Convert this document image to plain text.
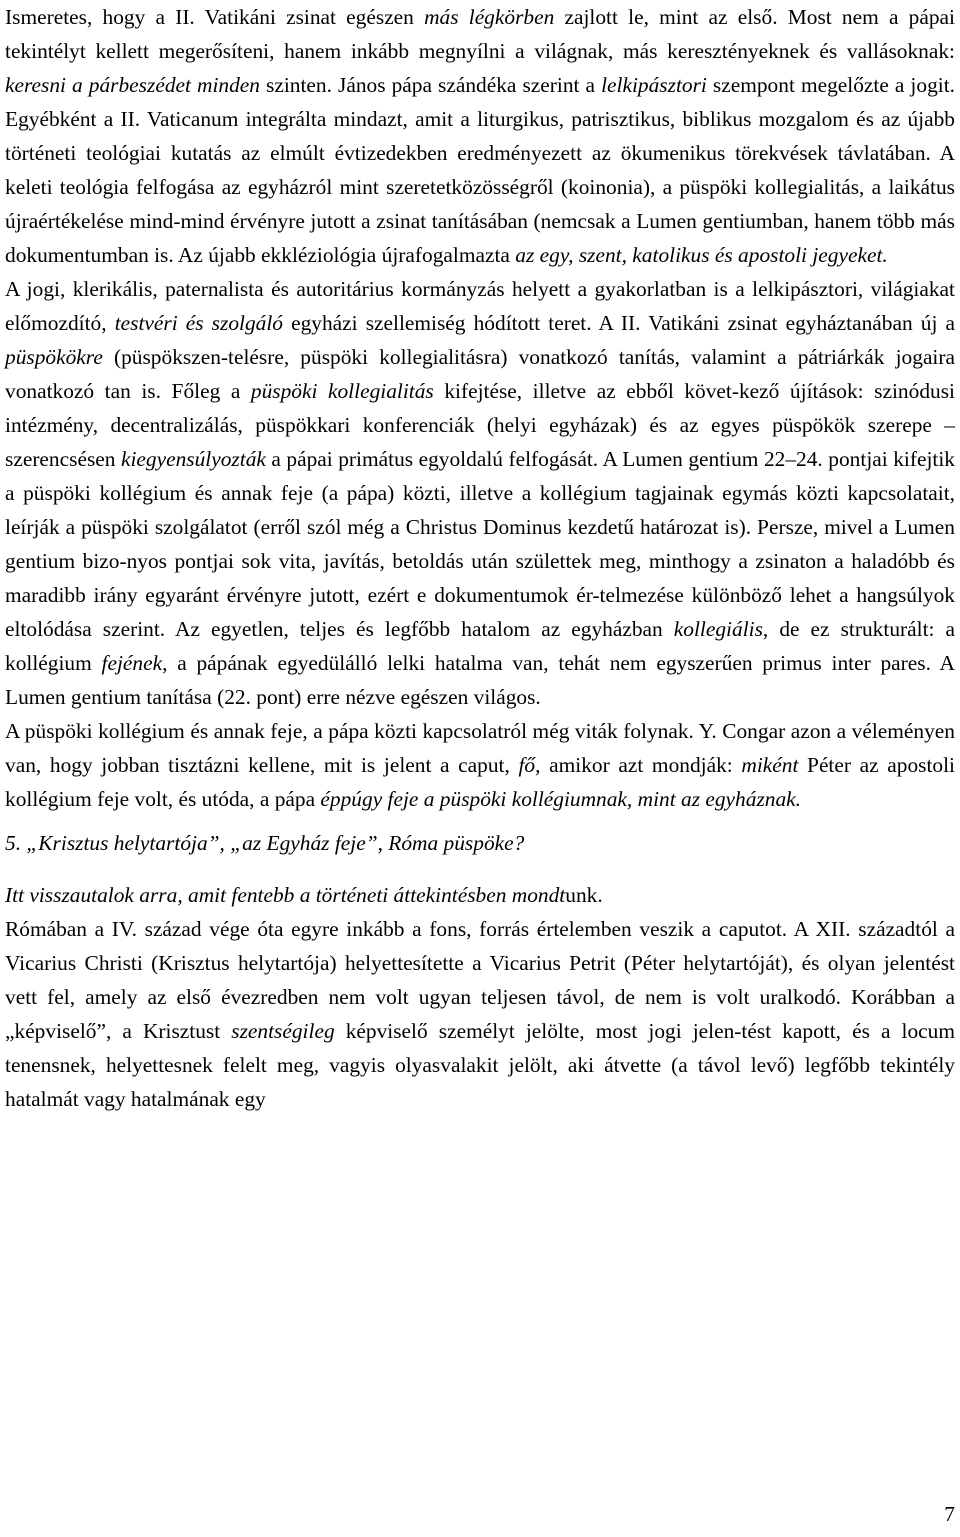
Ismeretes, hogy a II. Vatikáni zsinat egészen más légkörben zajlott le, mint az első. Most nem a pápai tekintélyt kellett megerősíteni, hanem inkább megnyílni a világnak, más keresztényeknek és vallásoknak: keresni a párbeszédet minden szinten. János pápa szándéka szerint a lelkipásztori szempont megelőzte a jogit. Egyébként a II. Vaticanum integrálta mindazt, amit a liturgikus, patrisztikus, biblikus mozgalom és az újabb történeti teológiai kutatás az elmúlt évtizedekben eredményezett az ökumenikus törekvések távlatában. A keleti teológia felfogása az egyházról mint szeretetközösségről (koinonia), a püspöki kollegialitás, a laikátus újraértékelése mind-mind érvényre jutott a zsinat tanításában (nemcsak a Lumen gentiumban, hanem több más dokumentumban is. Az újabb ekkléziológia újrafogalmazta az egy, szent, katolikus és apostoli jegyeket.

A jogi, klerikális, paternalista és autoritárius kormányzás helyett a gyakorlatban is a lelkipásztori, világiakat előmozdító, testvéri és szolgáló egyházi szellemiség hódított teret. A II. Vatikáni zsinat egyháztanában új a püspökökre (püspökszen-telésre, püspöki kollegialitásra) vonatkozó tanítás, valamint a pátriárkák jogaira vonatkozó tan is. Főleg a püspöki kollegialitás kifejtése, illetve az ebből követ-kező újítások: szinódusi intézmény, decentralizálás, püspökkari konferenciák (helyi egyházak) és az egyes püspökök szerepe – szerencsésen kiegyensúlyozták a pápai primátus egyoldalú felfogását. A Lumen gentium 22–24. pontjai kifejtik a püspöki kollégium és annak feje (a pápa) közti, illetve a kollégium tagjainak egymás közti kapcsolatait, leírják a püspöki szolgálatot (erről szól még a Christus Dominus kezdetű határozat is). Persze, mivel a Lumen gentium bizo-nyos pontjai sok vita, javítás, betoldás után születtek meg, minthogy a zsinaton a haladóbb és maradibb irány egyaránt érvényre jutott, ezért e dokumentumok ér-telmezése különböző lehet a hangsúlyok eltolódása szerint. Az egyetlen, teljes és legfőbb hatalom az egyházban kollegiális, de ez strukturált: a kollégium fejének, a pápának egyedülálló lelki hatalma van, tehát nem egyszerűen primus inter pares. A Lumen gentium tanítása (22. pont) erre nézve egészen világos.

A püspöki kollégium és annak feje, a pápa közti kapcsolatról még viták folynak. Y. Congar azon a véleményen van, hogy jobban tisztázni kellene, mit is jelent a caput, fő, amikor azt mondják: miként Péter az apostoli kollégium feje volt, és utóda, a pápa éppúgy feje a püspöki kollégiumnak, mint az egyháznak.

5. „Krisztus helytartója”, „az Egyház feje”, Róma püspöke?

Itt visszautalok arra, amit fentebb a történeti áttekintésben mondtunk.

Rómában a IV. század vége óta egyre inkább a fons, forrás értelemben veszik a caputot. A XII. századtól a Vicarius Christi (Krisztus helytartója) helyettesítette a Vicarius Petrit (Péter helytartóját), és olyan jelentést vett fel, amely az első évezredben nem volt ugyan teljesen távol, de nem is volt uralkodó. Korábban a „képviselő”, a Krisztust szentségileg képviselő személyt jelölte, most jogi jelen-tést kapott, és a locum tenensnek, helyettesnek felelt meg, vagyis olyasvalakit jelölt, aki átvette (a távol levő) legfőbb tekintély hatalmát vagy hatalmának egy

7
